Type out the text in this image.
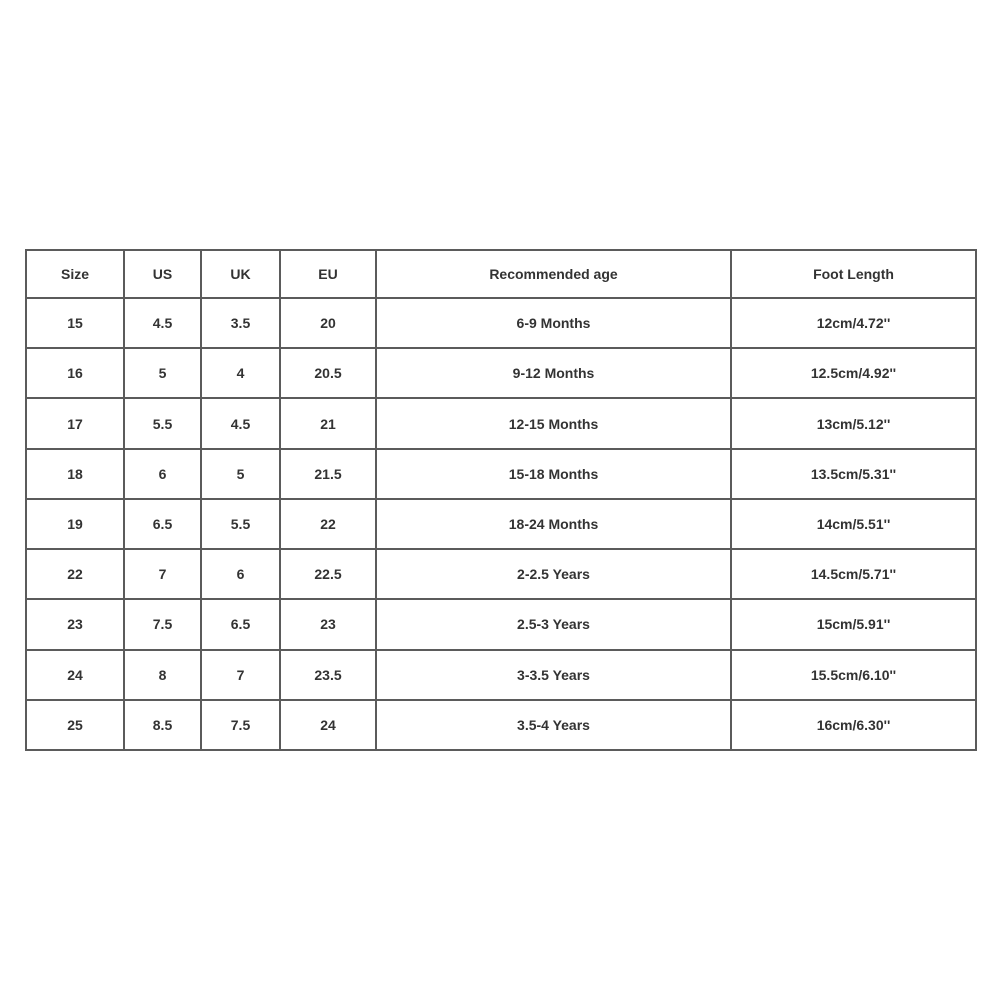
Size	US	UK	EU	Recommended age	Foot Length
15	4.5	3.5	20	6-9 Months	12cm/4.72''
16	5	4	20.5	9-12 Months	12.5cm/4.92''
17	5.5	4.5	21	12-15 Months	13cm/5.12''
18	6	5	21.5	15-18 Months	13.5cm/5.31''
19	6.5	5.5	22	18-24 Months	14cm/5.51''
22	7	6	22.5	2-2.5 Years	14.5cm/5.71''
23	7.5	6.5	23	2.5-3 Years	15cm/5.91''
24	8	7	23.5	3-3.5 Years	15.5cm/6.10''
25	8.5	7.5	24	3.5-4 Years	16cm/6.30''
